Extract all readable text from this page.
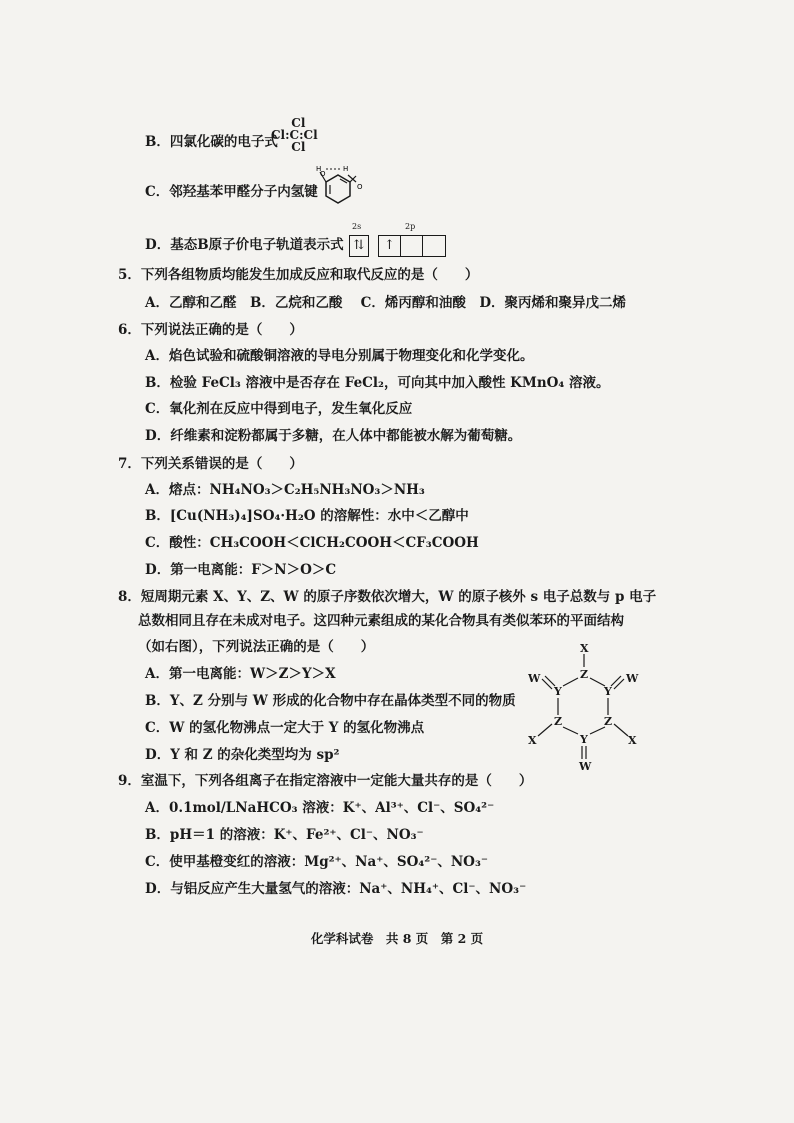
B．四氯化碳的电子式
Cl
Cl:C:Cl
Cl
C．邻羟基苯甲醛分子内氢键
H
O
H
O
D．基态B原子价电子轨道表示式
2s	2p
⇅	↑
5．下列各组物质均能发生加成反应和取代反应的是（　　）
A．乙醇和乙醛　B．乙烷和乙酸　 C．烯丙醇和油酸　D．聚丙烯和聚异戊二烯
6．下列说法正确的是（　　）
A．焰色试验和硫酸铜溶液的导电分别属于物理变化和化学变化。
B．检验 FeCl₃ 溶液中是否存在 FeCl₂，可向其中加入酸性 KMnO₄ 溶液。
C．氧化剂在反应中得到电子，发生氧化反应
D．纤维素和淀粉都属于多糖，在人体中都能被水解为葡萄糖。
7．下列关系错误的是（　　）
A．熔点：NH₄NO₃＞C₂H₅NH₃NO₃＞NH₃
B．[Cu(NH₃)₄]SO₄·H₂O 的溶解性：水中＜乙醇中
C．酸性：CH₃COOH＜ClCH₂COOH＜CF₃COOH
D．第一电离能：F＞N＞O＞C
8．短周期元素 X、Y、Z、W 的原子序数依次增大，W 的原子核外 s 电子总数与 p 电子
总数相同且存在未成对电子。这四种元素组成的某化合物具有类似苯环的平面结构
（如右图），下列说法正确的是（　　）
A．第一电离能：W＞Z＞Y＞X
B．Y、Z 分别与 W 形成的化合物中存在晶体类型不同的物质
C．W 的氢化物沸点一定大于 Y 的氢化物沸点
D．Y 和 Z 的杂化类型均为 sp²
X
Z
Y	Y
Z	Z
Y
W	W
X	X
W
9．室温下，下列各组离子在指定溶液中一定能大量共存的是（　　）
A．0.1mol/LNaHCO₃ 溶液：K⁺、Al³⁺、Cl⁻、SO₄²⁻
B．pH＝1 的溶液：K⁺、Fe²⁺、Cl⁻、NO₃⁻
C．使甲基橙变红的溶液：Mg²⁺、Na⁺、SO₄²⁻、NO₃⁻
D．与铝反应产生大量氢气的溶液：Na⁺、NH₄⁺、Cl⁻、NO₃⁻
化学科试卷　共 8 页　第 2 页
